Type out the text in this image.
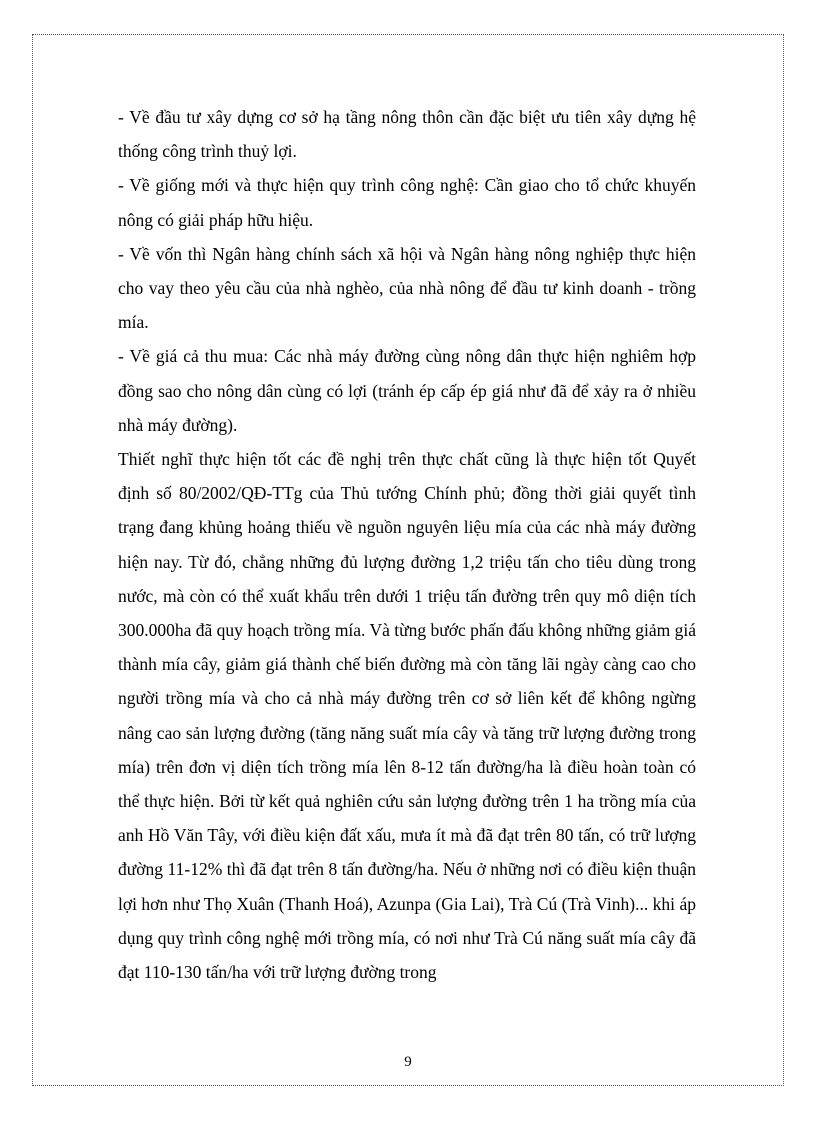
- Về đầu tư xây dựng cơ sở hạ tầng nông thôn cần đặc biệt ưu tiên xây dựng hệ thống công trình thuỷ lợi.

- Về giống mới và thực hiện quy trình công nghệ: Cần giao cho tổ chức khuyến nông có giải pháp hữu hiệu.

- Về vốn thì Ngân hàng chính sách xã hội và Ngân hàng nông nghiệp thực hiện cho vay theo yêu cầu của nhà nghèo, của nhà nông để đầu tư kinh doanh - trồng mía.

- Về giá cả thu mua: Các nhà máy đường cùng nông dân thực hiện nghiêm hợp đồng sao cho nông dân cùng có lợi (tránh ép cấp ép giá như đã để xảy ra ở nhiều nhà máy đường).

Thiết nghĩ thực hiện tốt các đề nghị trên thực chất cũng là thực hiện tốt Quyết định số 80/2002/QĐ-TTg của Thủ tướng Chính phủ; đồng thời giải quyết tình trạng đang khủng hoảng thiếu về nguồn nguyên liệu mía của các nhà máy đường hiện nay. Từ đó, chẳng những đủ lượng đường 1,2 triệu tấn cho tiêu dùng trong nước, mà còn có thể xuất khẩu trên dưới 1 triệu tấn đường trên quy mô diện tích 300.000ha đã quy hoạch trồng mía. Và từng bước phấn đấu không những giảm giá thành mía cây, giảm giá thành chế biến đường mà còn tăng lãi ngày càng cao cho người trồng mía và cho cả nhà máy đường trên cơ sở liên kết để không ngừng nâng cao sản lượng đường (tăng năng suất mía cây và tăng trữ lượng đường trong mía) trên đơn vị diện tích trồng mía lên 8-12 tấn đường/ha là điều hoàn toàn có thể thực hiện. Bởi từ kết quả nghiên cứu sản lượng đường trên 1 ha trồng mía của anh Hồ Văn Tây, với điều kiện đất xấu, mưa ít mà đã đạt trên 80 tấn, có trữ lượng đường 11-12% thì đã đạt trên 8 tấn đường/ha. Nếu ở những nơi có điều kiện thuận lợi hơn như Thọ Xuân (Thanh Hoá), Azunpa (Gia Lai), Trà Cú (Trà Vinh)... khi áp dụng quy trình công nghệ mới trồng mía, có nơi như Trà Cú năng suất mía cây đã đạt 110-130 tấn/ha với trữ lượng đường trong

9
